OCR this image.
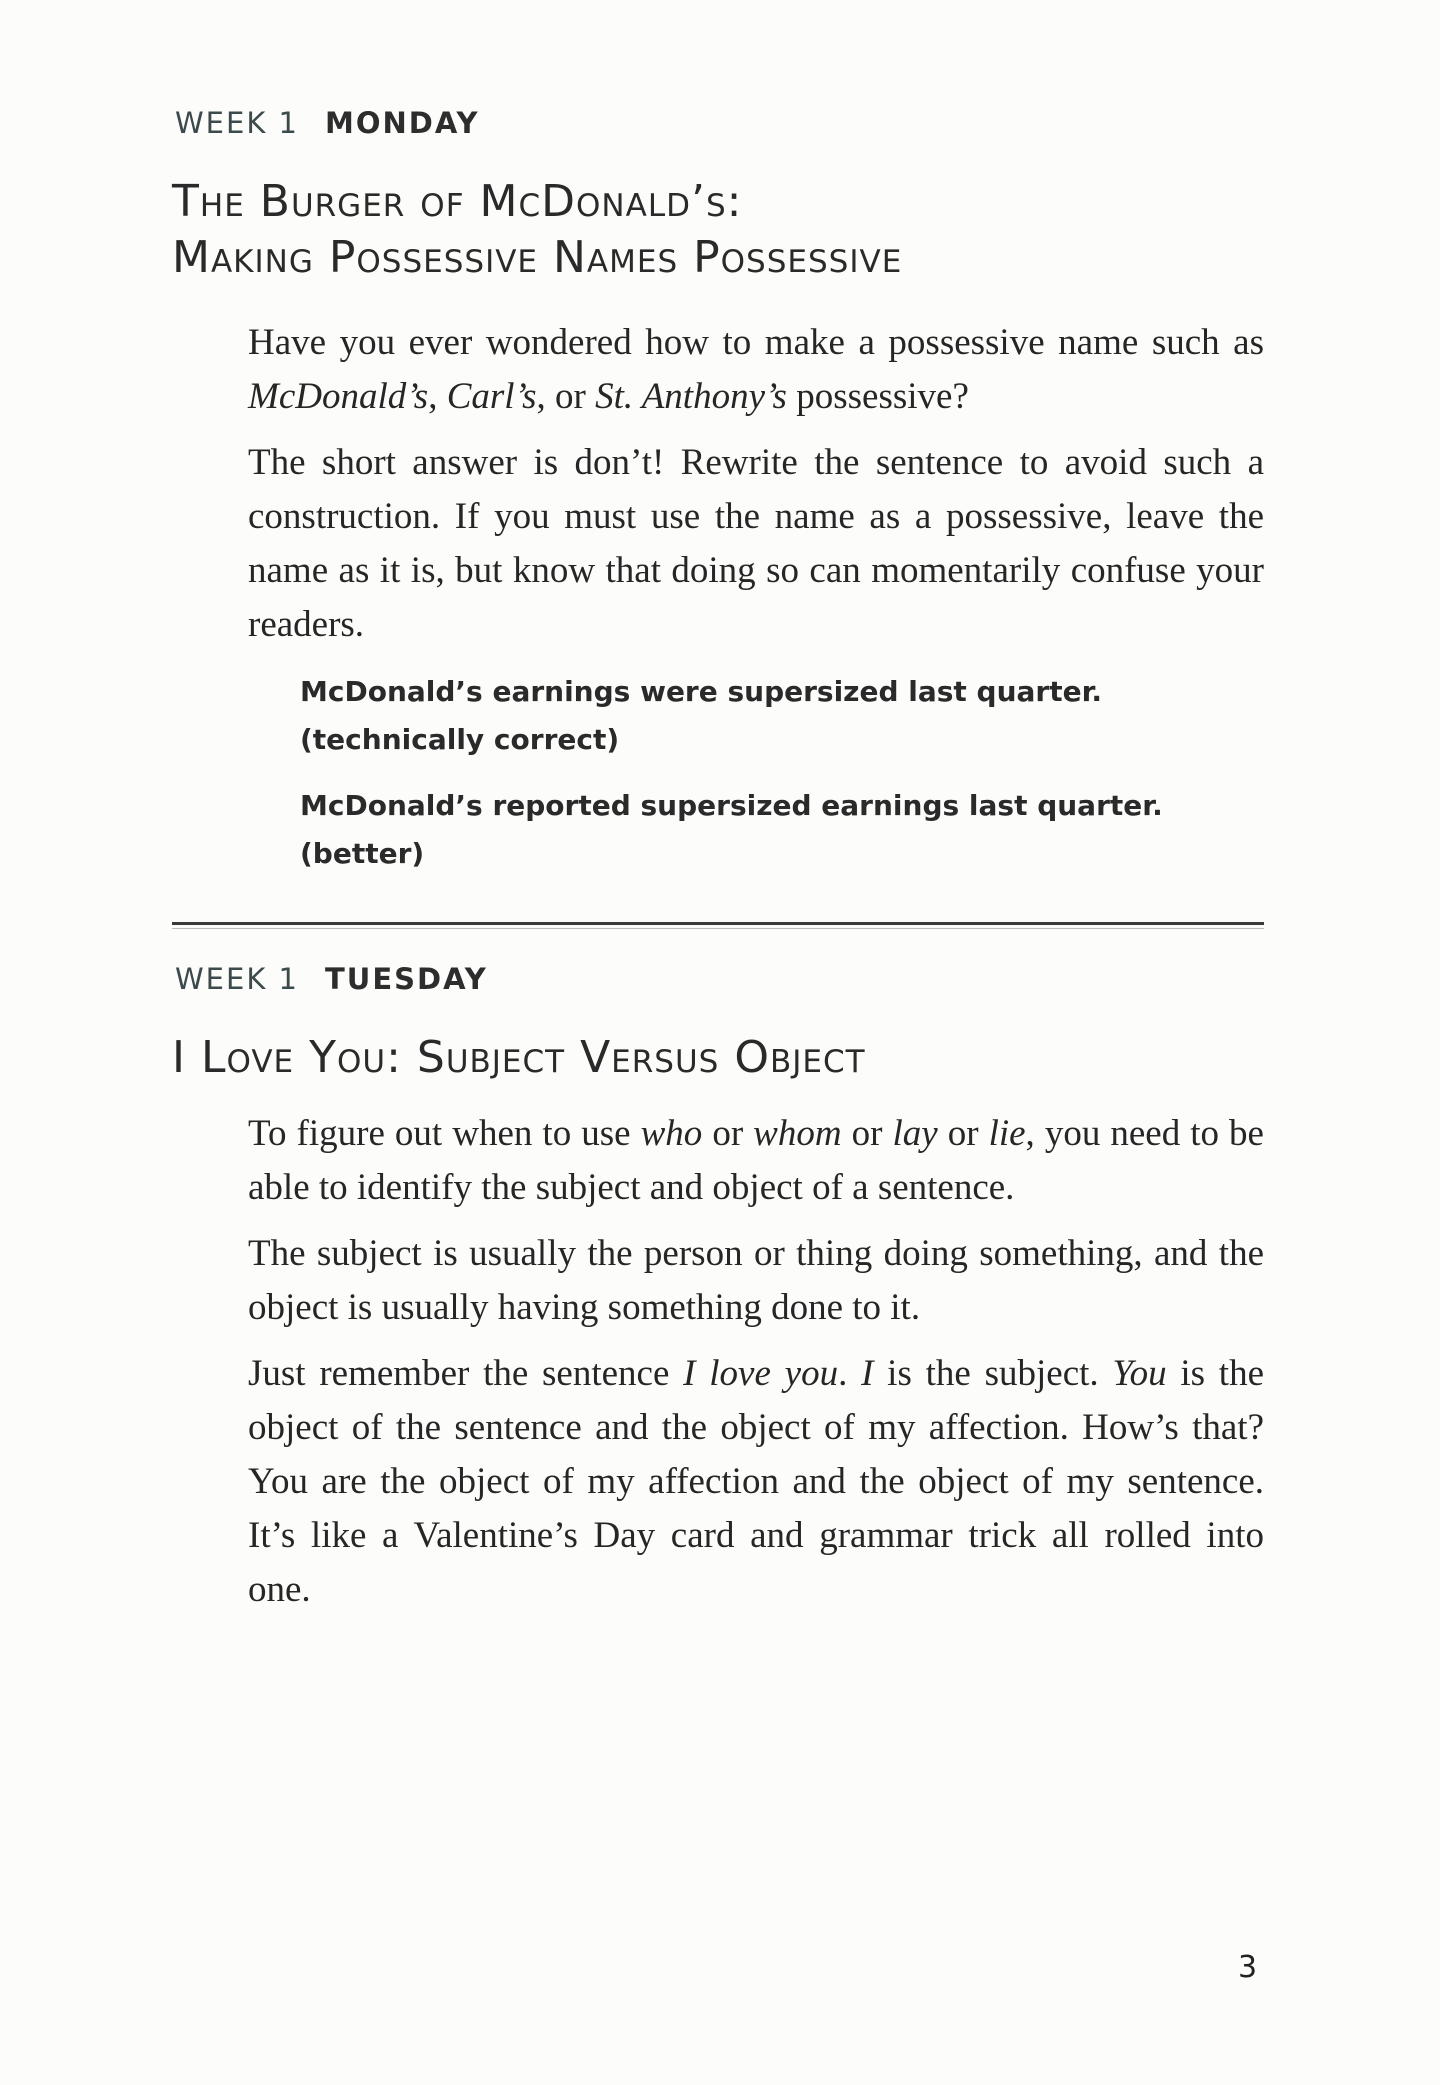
WEEK 1 MONDAY
The Burger of McDonald’s:
Making Possessive Names Possessive

Have you ever wondered how to make a possessive name such as McDonald’s, Carl’s, or St. Anthony’s possessive?

The short answer is don’t! Rewrite the sentence to avoid such a construction. If you must use the name as a possessive, leave the name as it is, but know that doing so can momentarily confuse your readers.

McDonald’s earnings were supersized last quarter.
(technically correct)

McDonald’s reported supersized earnings last quarter.
(better)

WEEK 1 TUESDAY
I Love You: Subject Versus Object

To figure out when to use who or whom or lay or lie, you need to be able to identify the subject and object of a sentence.

The subject is usually the person or thing doing something, and the object is usually having something done to it.

Just remember the sentence I love you. I is the subject. You is the object of the sentence and the object of my affection. How’s that? You are the object of my affection and the object of my sentence. It’s like a Valentine’s Day card and grammar trick all rolled into one.

3
